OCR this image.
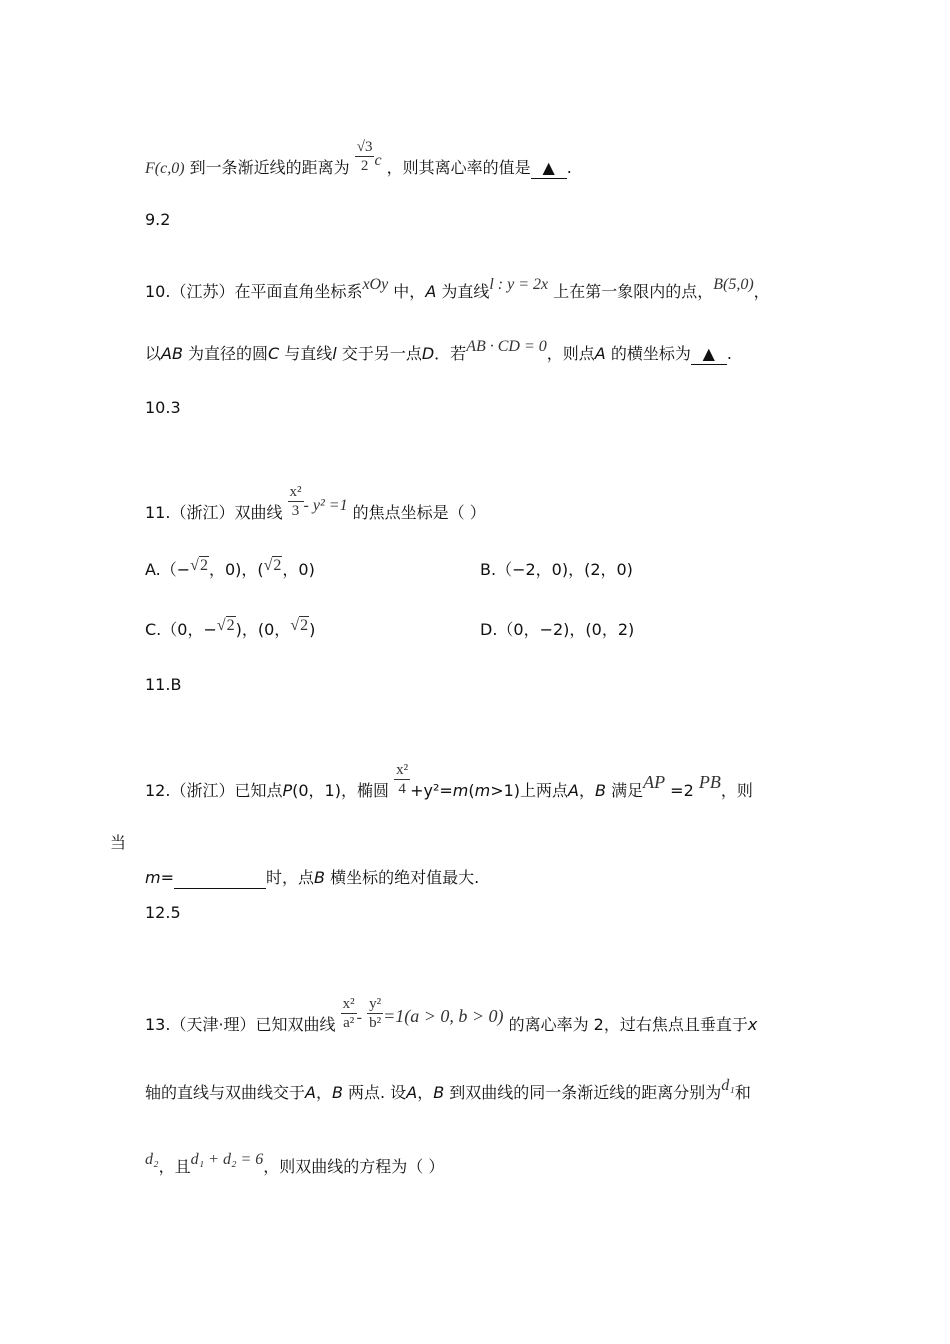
F(c,0) 到一条渐近线的距离为 $\frac{√3}{2}$ c ，则其离心率的值是 ▲ .
9.2
10.（江苏）在平面直角坐标系xOy 中，A 为直线l : y = 2x 上在第一象限内的点，B(5,0)，
以AB 为直径的圆C 与直线l 交于另一点D．若AB · CD = 0，则点A 的横坐标为 ▲ .
10.3
11.（浙江）双曲线 $\frac{\text{x²}}{3} - y^2 =1$ 的焦点坐标是（ ）
A.（−√2，0)，(√2，0)	B.（−2，0)，(2，0)
C.（0，−√2)，(0，√2)	D.（0，−2)，(0，2)
11.B
12.（浙江）已知点P(0，1)，椭圆 $\frac{\text{x²}}{4} +y^2=m(m>1)$上两点A，B 满足AP =2 PB，则
当
m=	时，点B 横坐标的绝对值最大.
12.5
13.（天津·理）已知双曲线 $\frac{\text{x²}}{\text{a²}} - \frac{\text{y²}}{\text{b²}} =1(a > 0$, b > 0) 的离心率为 2，过右焦点且垂直于x
轴的直线与双曲线交于A，B 两点. 设A，B 到双曲线的同一条渐近线的距离分别为d₁和
d₂，且d₁ + d₂ = 6，则双曲线的方程为（ ）
